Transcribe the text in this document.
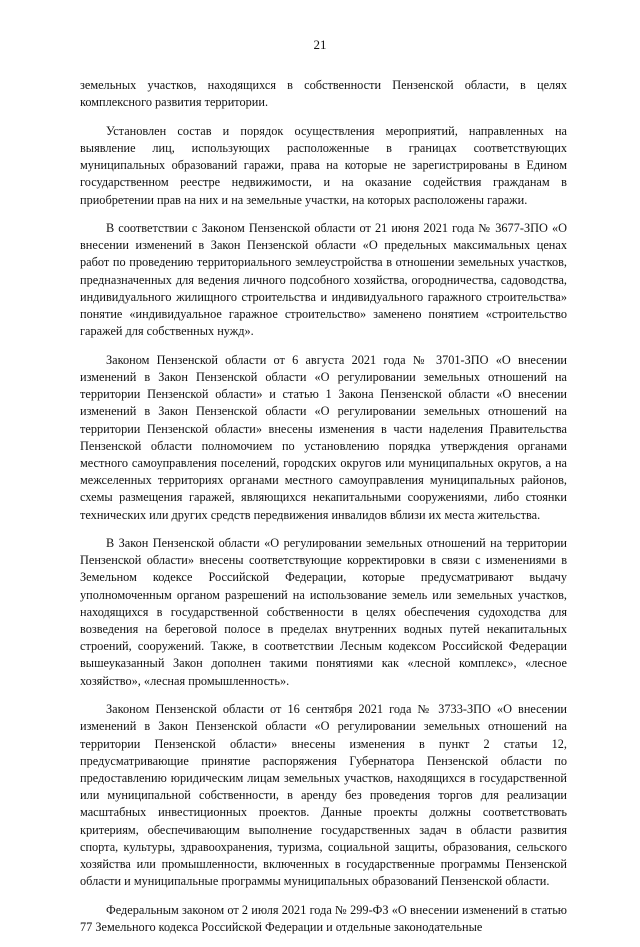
21

земельных участков, находящихся в собственности Пензенской области, в целях комплексного развития территории.

Установлен состав и порядок осуществления мероприятий, направленных на выявление лиц, использующих расположенные в границах соответствующих муниципальных образований гаражи, права на которые не зарегистрированы в Едином государственном реестре недвижимости, и на оказание содействия гражданам в приобретении прав на них и на земельные участки, на которых расположены гаражи.

В соответствии с Законом Пензенской области от 21 июня 2021 года № 3677-ЗПО «О внесении изменений в Закон Пензенской области «О предельных максимальных ценах работ по проведению территориального землеустройства в отношении земельных участков, предназначенных для ведения личного подсобного хозяйства, огородничества, садоводства, индивидуального жилищного строительства и индивидуального гаражного строительства» понятие «индивидуальное гаражное строительство» заменено понятием «строительство гаражей для собственных нужд».

Законом Пензенской области от 6 августа 2021 года № 3701-ЗПО «О внесении изменений в Закон Пензенской области «О регулировании земельных отношений на территории Пензенской области» и статью 1 Закона Пензенской области «О внесении изменений в Закон Пензенской области «О регулировании земельных отношений на территории Пензенской области» внесены изменения в части наделения Правительства Пензенской области полномочием по установлению порядка утверждения органами местного самоуправления поселений, городских округов или муниципальных округов, а на межселенных территориях органами местного самоуправления муниципальных районов, схемы размещения гаражей, являющихся некапитальными сооружениями, либо стоянки технических или других средств передвижения инвалидов вблизи их места жительства.

В Закон Пензенской области «О регулировании земельных отношений на территории Пензенской области» внесены соответствующие корректировки в связи с изменениями в Земельном кодексе Российской Федерации, которые предусматривают выдачу уполномоченным органом разрешений на использование земель или земельных участков, находящихся в государственной собственности в целях обеспечения судоходства для возведения на береговой полосе в пределах внутренних водных путей некапитальных строений, сооружений. Также, в соответствии Лесным кодексом Российской Федерации вышеуказанный Закон дополнен такими понятиями как «лесной комплекс», «лесное хозяйство», «лесная промышленность».

Законом Пензенской области от 16 сентября 2021 года № 3733-ЗПО «О внесении изменений в Закон Пензенской области «О регулировании земельных отношений на территории Пензенской области» внесены изменения в пункт 2 статьи 12, предусматривающие принятие распоряжения Губернатора Пензенской области по предоставлению юридическим лицам земельных участков, находящихся в государственной или муниципальной собственности, в аренду без проведения торгов для реализации масштабных инвестиционных проектов. Данные проекты должны соответствовать критериям, обеспечивающим выполнение государственных задач в области развития спорта, культуры, здравоохранения, туризма, социальной защиты, образования, сельского хозяйства или промышленности, включенных в государственные программы Пензенской области и муниципальные программы муниципальных образований Пензенской области.

Федеральным законом от 2 июля 2021 года № 299-ФЗ «О внесении изменений в статью 77 Земельного кодекса Российской Федерации и отдельные законодательные
